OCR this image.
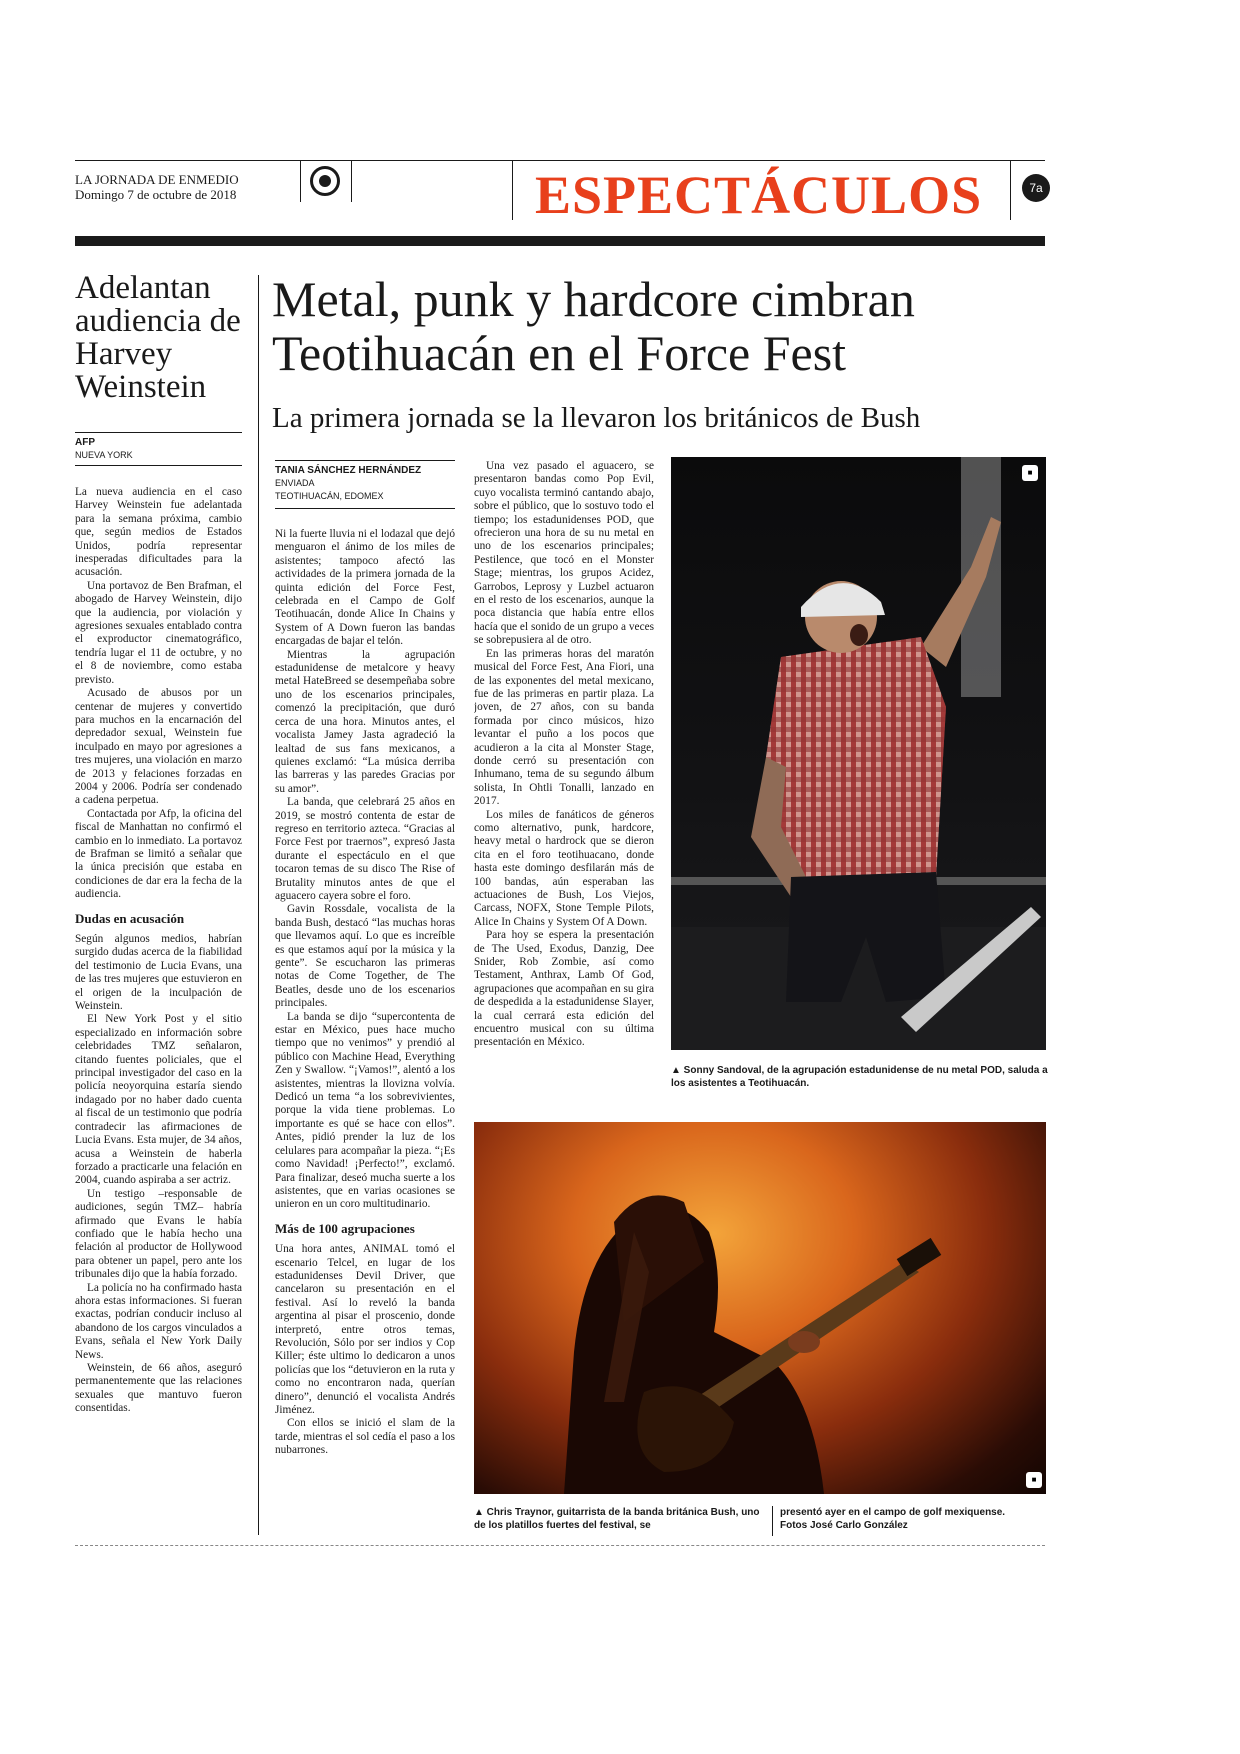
LA JORNADA DE ENMEDIO
Domingo 7 de octubre de 2018	ESPECTÁCULOS	7a
Adelantan audiencia de Harvey Weinstein
AFP
NUEVA YORK

La nueva audiencia en el caso Harvey Weinstein fue adelantada para la semana próxima, cambio que, según medios de Estados Unidos, podría representar inesperadas dificultades para la acusación.

Una portavoz de Ben Brafman, el abogado de Harvey Weinstein, dijo que la audiencia, por violación y agresiones sexuales entablado contra el exproductor cinematográfico, tendría lugar el 11 de octubre, y no el 8 de noviembre, como estaba previsto.

Acusado de abusos por un centenar de mujeres y convertido para muchos en la encarnación del depredador sexual, Weinstein fue inculpado en mayo por agresiones a tres mujeres, una violación en marzo de 2013 y felaciones forzadas en 2004 y 2006. Podría ser condenado a cadena perpetua.

Contactada por Afp, la oficina del fiscal de Manhattan no confirmó el cambio en lo inmediato. La portavoz de Brafman se limitó a señalar que la única precisión que estaba en condiciones de dar era la fecha de la audiencia.

Dudas en acusación

Según algunos medios, habrían surgido dudas acerca de la fiabilidad del testimonio de Lucia Evans, una de las tres mujeres que estuvieron en el origen de la inculpación de Weinstein.

El New York Post y el sitio especializado en información sobre celebridades TMZ señalaron, citando fuentes policiales, que el principal investigador del caso en la policía neoyorquina estaría siendo indagado por no haber dado cuenta al fiscal de un testimonio que podría contradecir las afirmaciones de Lucia Evans. Esta mujer, de 34 años, acusa a Weinstein de haberla forzado a practicarle una felación en 2004, cuando aspiraba a ser actriz.

Un testigo –responsable de audiciones, según TMZ– habría afirmado que Evans le había confiado que le había hecho una felación al productor de Hollywood para obtener un papel, pero ante los tribunales dijo que la había forzado.

La policía no ha confirmado hasta ahora estas informaciones. Si fueran exactas, podrían conducir incluso al abandono de los cargos vinculados a Evans, señala el New York Daily News.

Weinstein, de 66 años, aseguró permanentemente que las relaciones sexuales que mantuvo fueron consentidas.

Metal, punk y hardcore cimbran Teotihuacán en el Force Fest
La primera jornada se la llevaron los británicos de Bush
TANIA SÁNCHEZ HERNÁNDEZ
ENVIADA
TEOTIHUACÁN, EDOMEX

Ni la fuerte lluvia ni el lodazal que dejó menguaron el ánimo de los miles de asistentes; tampoco afectó las actividades de la primera jornada de la quinta edición del Force Fest, celebrada en el Campo de Golf Teotihuacán, donde Alice In Chains y System of A Down fueron las bandas encargadas de bajar el telón.

Mientras la agrupación estadunidense de metalcore y heavy metal HateBreed se desempeñaba sobre uno de los escenarios principales, comenzó la precipitación, que duró cerca de una hora. Minutos antes, el vocalista Jamey Jasta agradeció la lealtad de sus fans mexicanos, a quienes exclamó: “La música derriba las barreras y las paredes Gracias por su amor”.

La banda, que celebrará 25 años en 2019, se mostró contenta de estar de regreso en territorio azteca. “Gracias al Force Fest por traernos”, expresó Jasta durante el espectáculo en el que tocaron temas de su disco The Rise of Brutality minutos antes de que el aguacero cayera sobre el foro.

Gavin Rossdale, vocalista de la banda Bush, destacó “las muchas horas que llevamos aquí. Lo que es increíble es que estamos aquí por la música y la gente”. Se escucharon las primeras notas de Come Together, de The Beatles, desde uno de los escenarios principales.

La banda se dijo “supercontenta de estar en México, pues hace mucho tiempo que no venimos” y prendió al público con Machine Head, Everything Zen y Swallow. “¡Vamos!”, alentó a los asistentes, mientras la llovizna volvía. Dedicó un tema “a los sobrevivientes, porque la vida tiene problemas. Lo importante es qué se hace con ellos”. Antes, pidió prender la luz de los celulares para acompañar la pieza. “¡Es como Navidad! ¡Perfecto!”, exclamó. Para finalizar, deseó mucha suerte a los asistentes, que en varias ocasiones se unieron en un coro multitudinario.

Más de 100 agrupaciones

Una hora antes, ANIMAL tomó el escenario Telcel, en lugar de los estadunidenses Devil Driver, que cancelaron su presentación en el festival. Así lo reveló la banda argentina al pisar el proscenio, donde interpretó, entre otros temas, Revolución, Sólo por ser indios y Cop Killer; éste ultimo lo dedicaron a unos policías que los “detuvieron en la ruta y como no encontraron nada, querían dinero”, denunció el vocalista Andrés Jiménez.

Con ellos se inició el slam de la tarde, mientras el sol cedía el paso a los nubarrones.

Una vez pasado el aguacero, se presentaron bandas como Pop Evil, cuyo vocalista terminó cantando abajo, sobre el público, que lo sostuvo todo el tiempo; los estadunidenses POD, que ofrecieron una hora de su nu metal en uno de los escenarios principales; Pestilence, que tocó en el Monster Stage; mientras, los grupos Acidez, Garrobos, Leprosy y Luzbel actuaron en el resto de los escenarios, aunque la poca distancia que había entre ellos hacía que el sonido de un grupo a veces se sobrepusiera al de otro.

En las primeras horas del maratón musical del Force Fest, Ana Fiori, una de las exponentes del metal mexicano, fue de las primeras en partir plaza. La joven, de 27 años, con su banda formada por cinco músicos, hizo levantar el puño a los pocos que acudieron a la cita al Monster Stage, donde cerró su presentación con Inhumano, tema de su segundo álbum solista, In Ohtli Tonalli, lanzado en 2017.

Los miles de fanáticos de géneros como alternativo, punk, hardcore, heavy metal o hardrock que se dieron cita en el foro teotihuacano, donde hasta este domingo desfilarán más de 100 bandas, aún esperaban las actuaciones de Bush, Los Viejos, Carcass, NOFX, Stone Temple Pilots, Alice In Chains y System Of A Down.

Para hoy se espera la presentación de The Used, Exodus, Danzig, Dee Snider, Rob Zombie, así como Testament, Anthrax, Lamb Of God, agrupaciones que acompañan en su gira de despedida a la estadunidense Slayer, la cual cerrará esta edición del encuentro musical con su última presentación en México.

■
▲ Sonny Sandoval, de la agrupación estadunidense de nu metal POD, saluda a los asistentes a Teotihuacán.
■
▲ Chris Traynor, guitarrista de la banda británica Bush, uno de los platillos fuertes del festival, se
presentó ayer en el campo de golf mexiquense.
Fotos José Carlo González
